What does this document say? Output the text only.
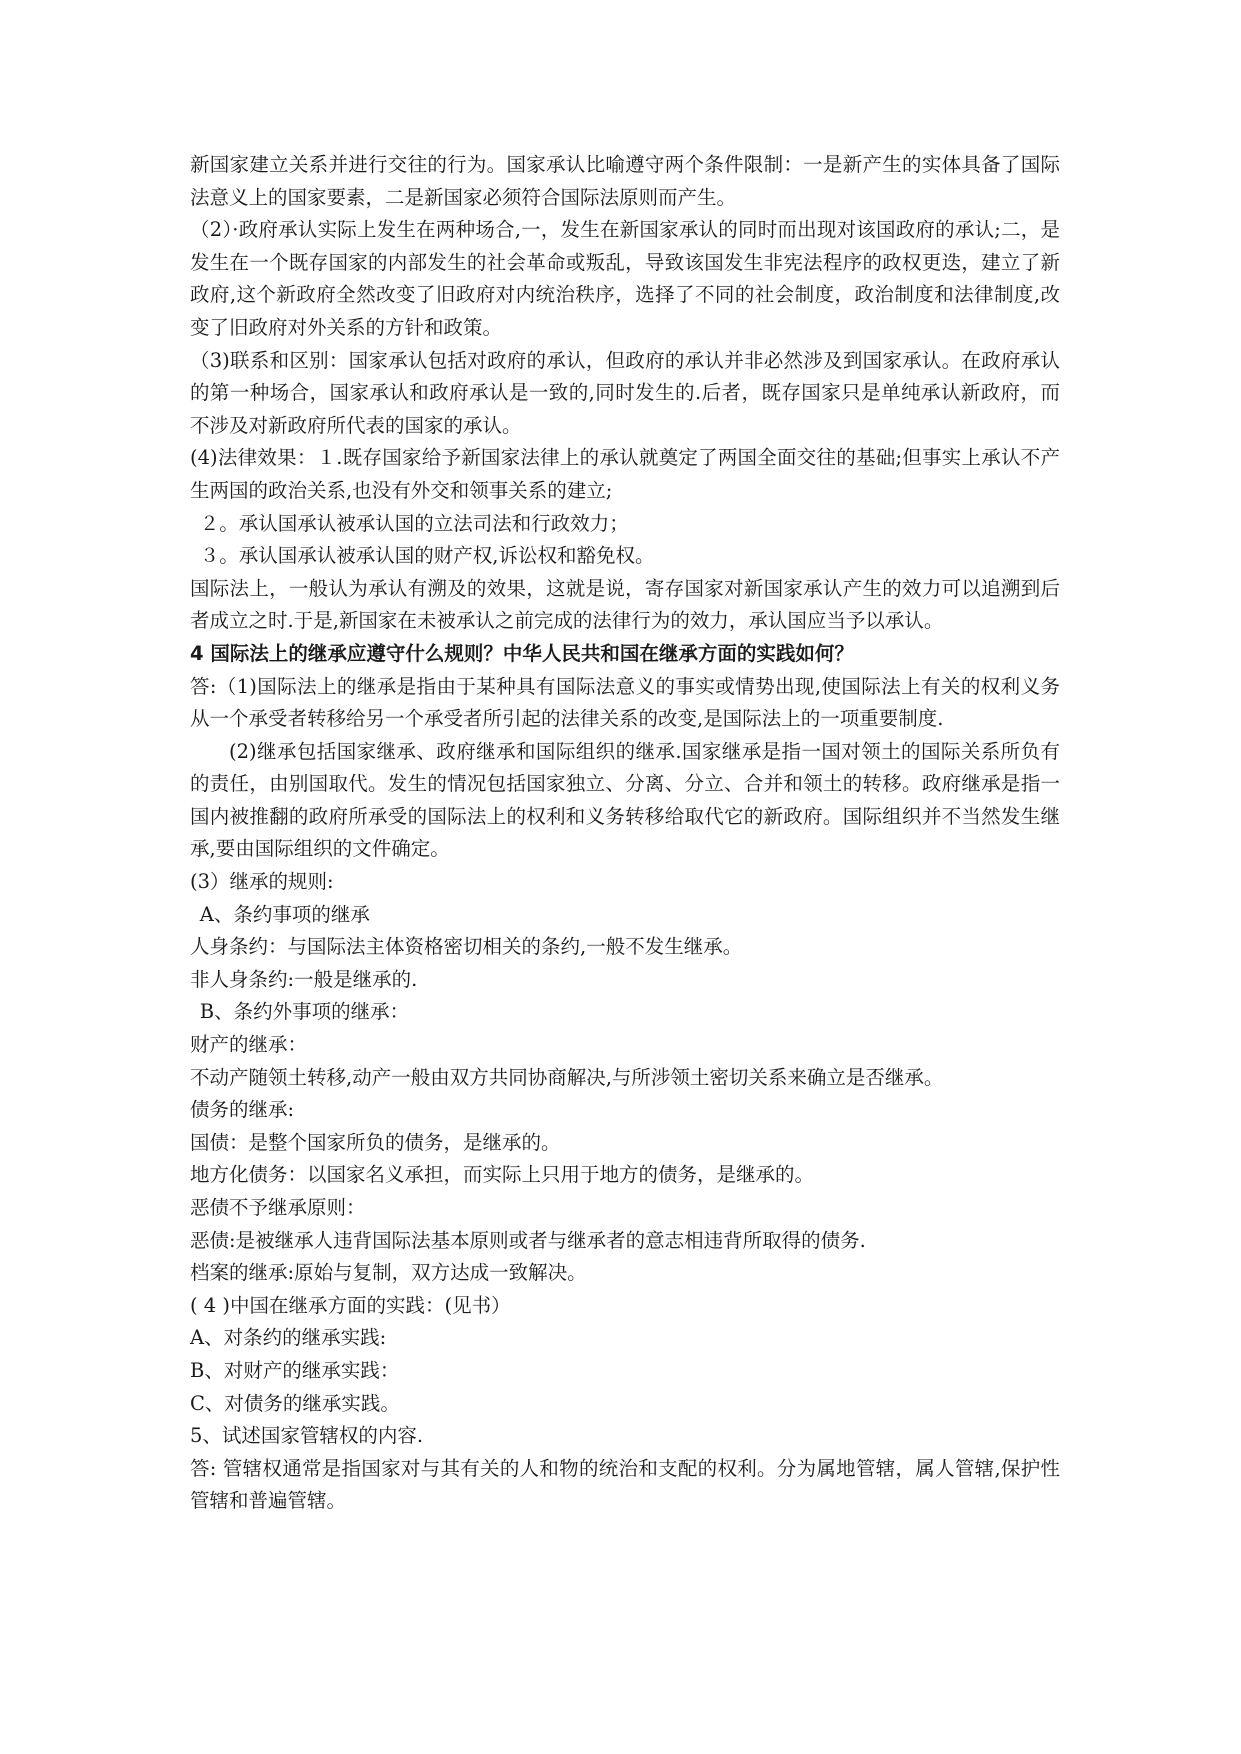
新国家建立关系并进行交往的行为。国家承认比喻遵守两个条件限制：一是新产生的实体具备了国际法意义上的国家要素，二是新国家必须符合国际法原则而产生。

（2）·政府承认实际上发生在两种场合,一，发生在新国家承认的同时而出现对该国政府的承认;二，是发生在一个既存国家的内部发生的社会革命或叛乱，导致该国发生非宪法程序的政权更迭，建立了新政府,这个新政府全然改变了旧政府对内统治秩序，选择了不同的社会制度，政治制度和法律制度,改变了旧政府对外关系的方针和政策。

（3)联系和区别：国家承认包括对政府的承认，但政府的承认并非必然涉及到国家承认。在政府承认的第一种场合，国家承认和政府承认是一致的,同时发生的.后者，既存国家只是单纯承认新政府，而不涉及对新政府所代表的国家的承认。

(4)法律效果：１.既存国家给予新国家法律上的承认就奠定了两国全面交往的基础;但事实上承认不产生两国的政治关系,也没有外交和领事关系的建立;

２。承认国承认被承认国的立法司法和行政效力；

３。承认国承认被承认国的财产权,诉讼权和豁免权。

国际法上，一般认为承认有溯及的效果，这就是说，寄存国家对新国家承认产生的效力可以追溯到后者成立之时.于是,新国家在未被承认之前完成的法律行为的效力，承认国应当予以承认。

4 国际法上的继承应遵守什么规则？中华人民共和国在继承方面的实践如何？

答:（1)国际法上的继承是指由于某种具有国际法意义的事实或情势出现,使国际法上有关的权利义务从一个承受者转移给另一个承受者所引起的法律关系的改变,是国际法上的一项重要制度.

(2)继承包括国家继承、政府继承和国际组织的继承.国家继承是指一国对领土的国际关系所负有的责任，由别国取代。发生的情况包括国家独立、分离、分立、合并和领土的转移。政府继承是指一国内被推翻的政府所承受的国际法上的权利和义务转移给取代它的新政府。国际组织并不当然发生继承,要由国际组织的文件确定。

(3）继承的规则:

A、条约事项的继承

人身条约：与国际法主体资格密切相关的条约,一般不发生继承。

非人身条约:一般是继承的.

B、条约外事项的继承：

财产的继承：

不动产随领土转移,动产一般由双方共同协商解决,与所涉领土密切关系来确立是否继承。

债务的继承:

国债：是整个国家所负的债务，是继承的。

地方化债务：以国家名义承担，而实际上只用于地方的债务，是继承的。

恶债不予继承原则：

恶债:是被继承人违背国际法基本原则或者与继承者的意志相违背所取得的债务.

档案的继承:原始与复制，双方达成一致解决。

( 4 )中国在继承方面的实践：(见书）

A、对条约的继承实践:

B、对财产的继承实践：

C、对债务的继承实践。

5、试述国家管辖权的内容.

答: 管辖权通常是指国家对与其有关的人和物的统治和支配的权利。分为属地管辖，属人管辖,保护性管辖和普遍管辖。
